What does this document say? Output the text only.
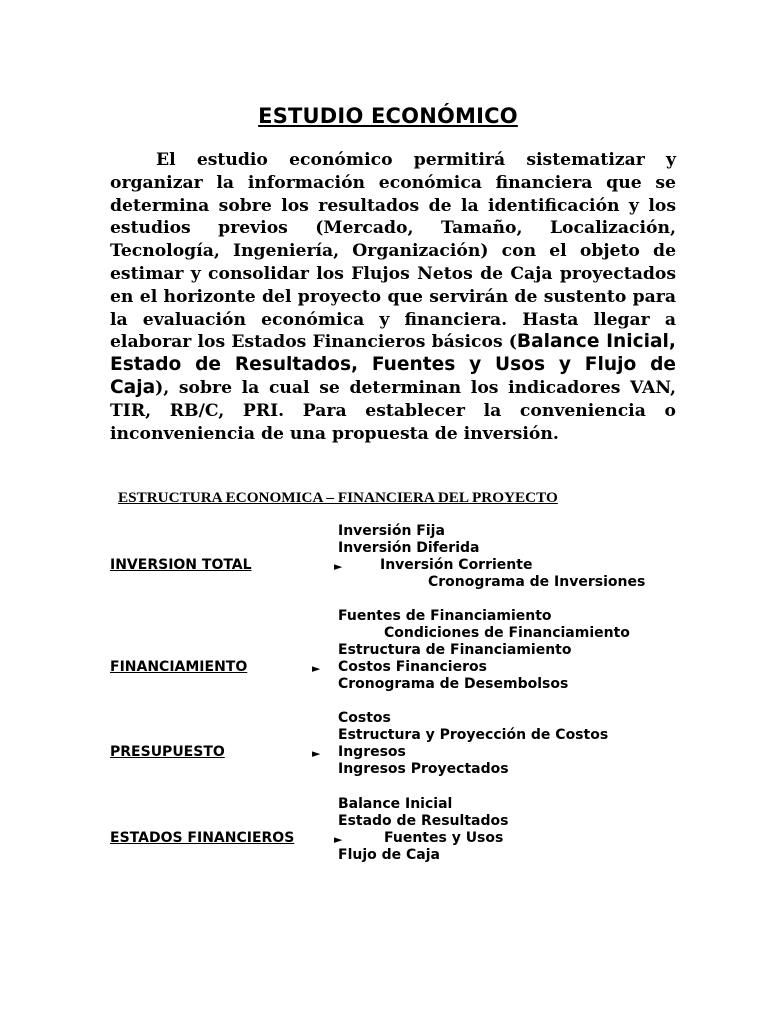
ESTUDIO ECONÓMICO

El estudio económico permitirá sistematizar y organizar la información económica financiera que se determina sobre los resultados de la identificación y los estudios previos (Mercado, Tamaño, Localización, Tecnología, Ingeniería, Organización) con el objeto de estimar y consolidar los Flujos Netos de Caja proyectados en el horizonte del proyecto que servirán de sustento para la evaluación económica y financiera. Hasta llegar a elaborar los Estados Financieros básicos (Balance Inicial, Estado de Resultados, Fuentes y Usos y Flujo de Caja), sobre la cual se determinan los indicadores VAN, TIR, RB/C, PRI. Para establecer la conveniencia o inconveniencia de una propuesta de inversión.

ESTRUCTURA ECONOMICA – FINANCIERA DEL PROYECTO
Inversión Fija
Inversión Diferida
INVERSION TOTAL	►	Inversión Corriente
Cronograma de Inversiones
Fuentes de Financiamiento
Condiciones de Financiamiento
Estructura de Financiamiento
FINANCIAMIENTO	► Costos Financieros
Cronograma de Desembolsos
Costos
Estructura y Proyección de Costos
PRESUPUESTO	► Ingresos
Ingresos Proyectados
Balance Inicial
Estado de Resultados
ESTADOS FINANCIEROS	►	Fuentes y Usos
Flujo de Caja
